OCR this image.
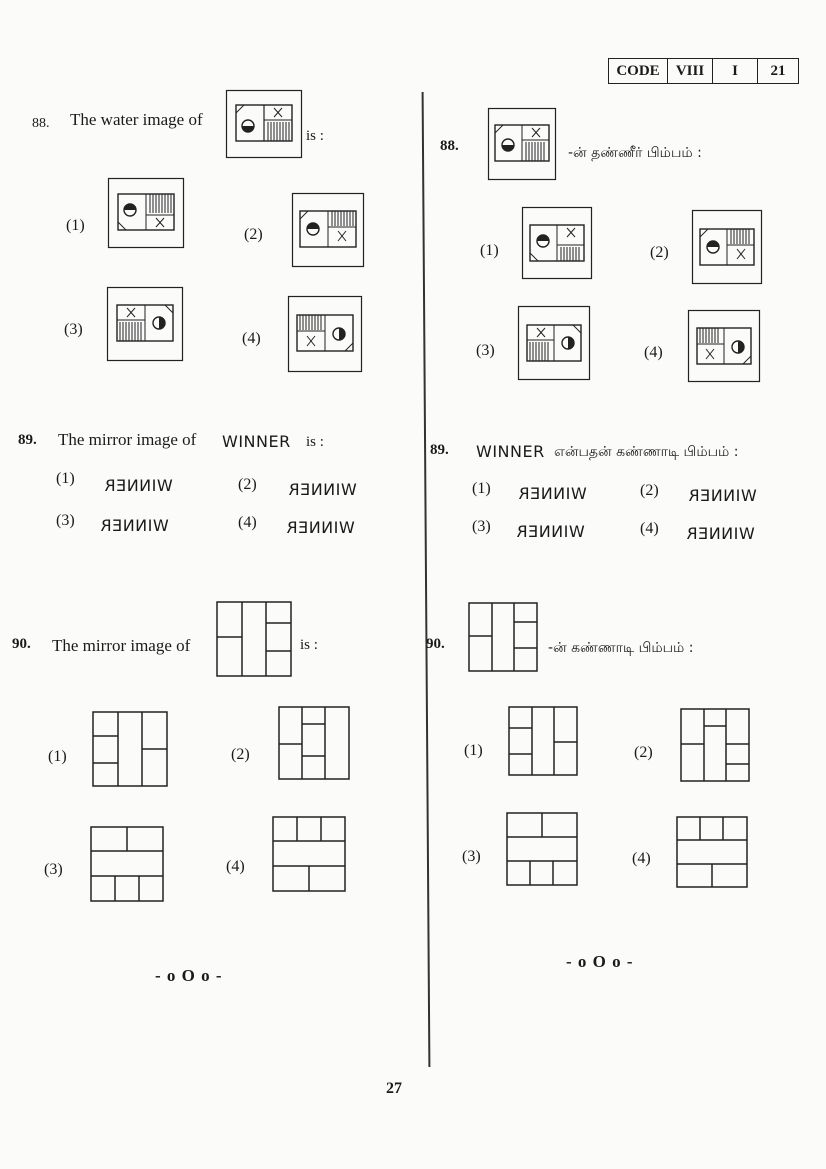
CODE	VIII	I	21
88. The water image of
is :
(1)
(2)
(3)
(4)
89. The mirror image of WINNER is :
(1) WINNER	(2) WINNER
(3) WINNER	(4) WINNER
90. The mirror image of	is :
(1)	(2)
(3)	(4)
- o O o -
88.	-ன் தண்ணீர் பிம்பம் :
(1)	(2)
(3)	(4)
89. WINNER என்பதன் கண்ணாடி பிம்பம் :
(1) WINNER	(2) WINNER
(3) WINNER	(4) WINNER
90.	-ன் கண்ணாடி பிம்பம் :
(1)	(2)
(3)	(4)
- o O o -
27
